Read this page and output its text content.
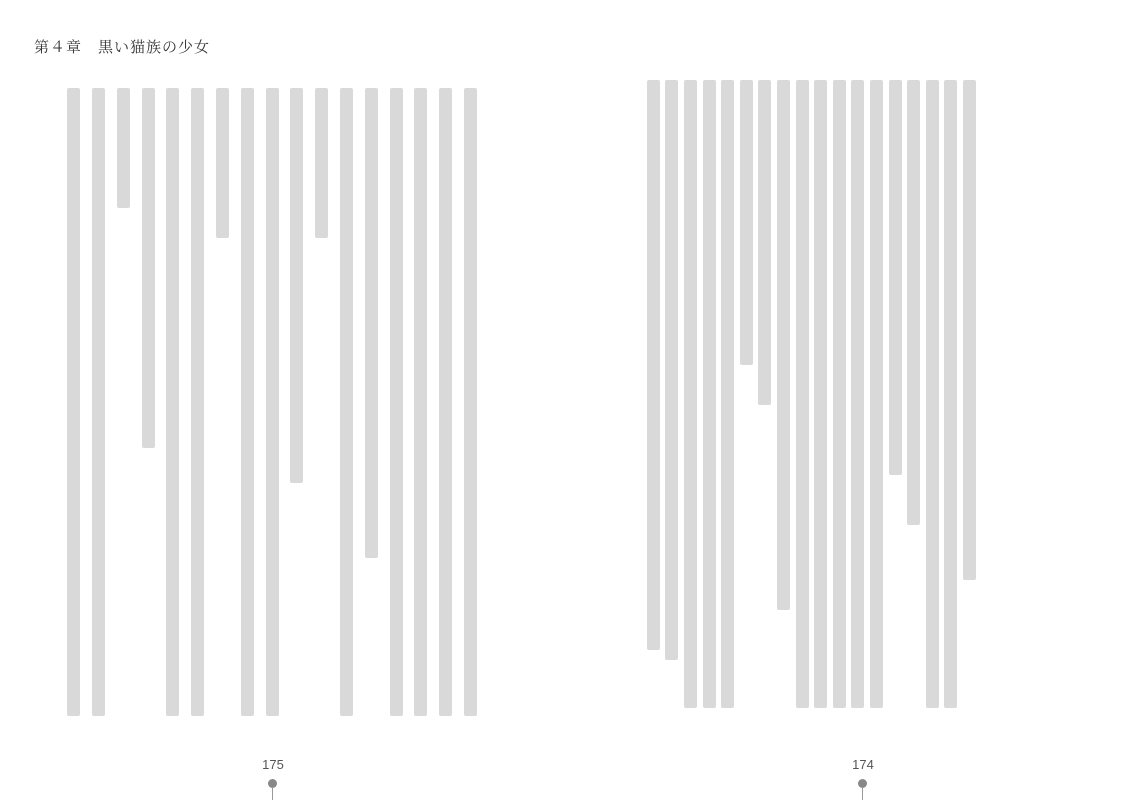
第４章　黒い猫族の少女
175	174
